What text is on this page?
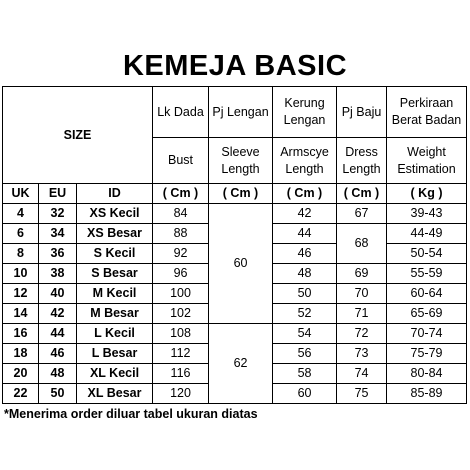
KEMEJA BASIC
SIZE			Lk Dada	Pj Lengan	Kerung Lengan	Pj Baju	Perkiraan Berat Badan
			Bust	Sleeve Length	Armscye Length	Dress Length	Weight Estimation
UK	EU	ID	( Cm )	( Cm )	( Cm )	( Cm )	( Kg )
4	32	XS Kecil	84	60	42	67	39-43
6	34	XS Besar	88		44	68	44-49
8	36	S Kecil	92		46		50-54
10	38	S Besar	96		48	69	55-59
12	40	M Kecil	100		50	70	60-64
14	42	M Besar	102		52	71	65-69
16	44	L Kecil	108	62	54	72	70-74
18	46	L Besar	112		56	73	75-79
20	48	XL Kecil	116		58	74	80-84
22	50	XL Besar	120		60	75	85-89
*Menerima order diluar tabel ukuran diatas
